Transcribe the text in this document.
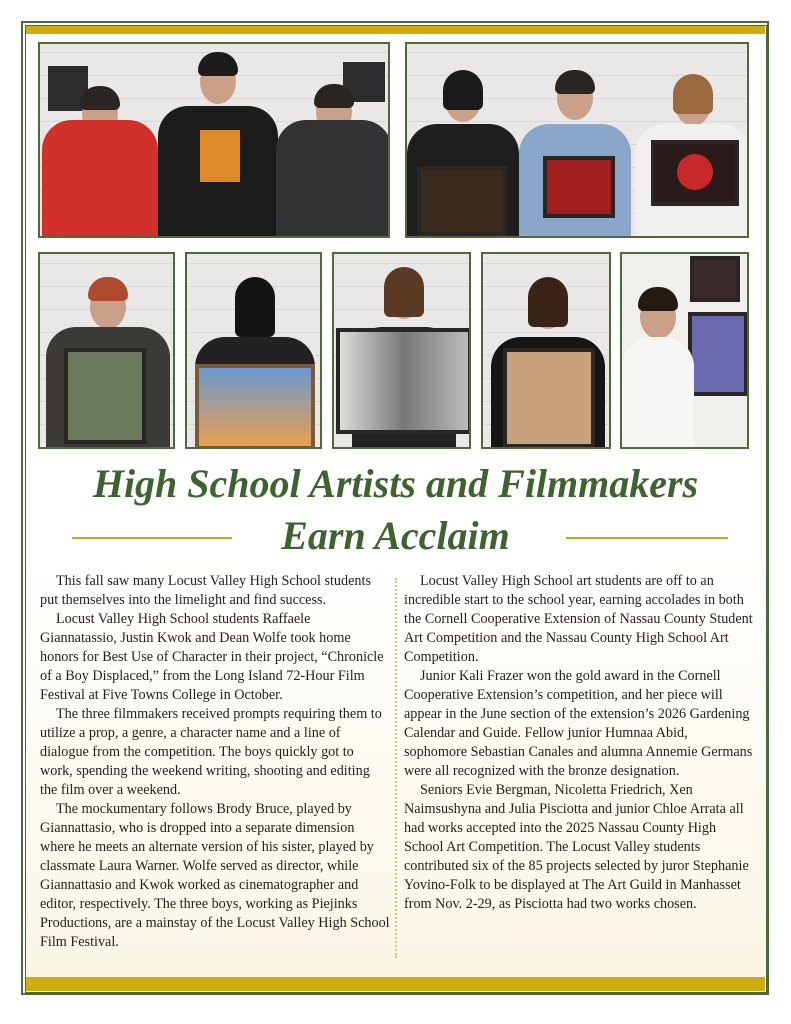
High School Artists and Filmmakers
Earn Acclaim

This fall saw many Locust Valley High School students put themselves into the limelight and find success.

Locust Valley High School students Raffaele Giannatassio, Justin Kwok and Dean Wolfe took home honors for Best Use of Character in their project, “Chronicle of a Boy Displaced,” from the Long Island 72-Hour Film Festival at Five Towns College in October.

The three filmmakers received prompts requiring them to utilize a prop, a genre, a character name and a line of dialogue from the competition. The boys quickly got to work, spending the weekend writing, shooting and editing the film over a weekend.

The mockumentary follows Brody Bruce, played by Giannattasio, who is dropped into a separate dimension where he meets an alternate version of his sister, played by classmate Laura Warner. Wolfe served as director, while Giannattasio and Kwok worked as cinematographer and editor, respectively. The three boys, working as Piejinks Productions, are a mainstay of the Locust Valley High School Film Festival.

Locust Valley High School art students are off to an incredible start to the school year, earning accolades in both the Cornell Cooperative Extension of Nassau County Student Art Competition and the Nassau County High School Art Competition.

Junior Kali Frazer won the gold award in the Cornell Cooperative Extension’s competition, and her piece will appear in the June section of the extension’s 2026 Gardening Calendar and Guide. Fellow junior Humnaa Abid, sophomore Sebastian Canales and alumna Annemie Germans were all recognized with the bronze designation.

Seniors Evie Bergman, Nicoletta Friedrich, Xen Naimsushyna and Julia Pisciotta and junior Chloe Arrata all had works accepted into the 2025 Nassau County High School Art Competition. The Locust Valley students contributed six of the 85 projects selected by juror Stephanie Yovino-Folk to be displayed at The Art Guild in Manhasset from Nov. 2-29, as Pisciotta had two works chosen.
